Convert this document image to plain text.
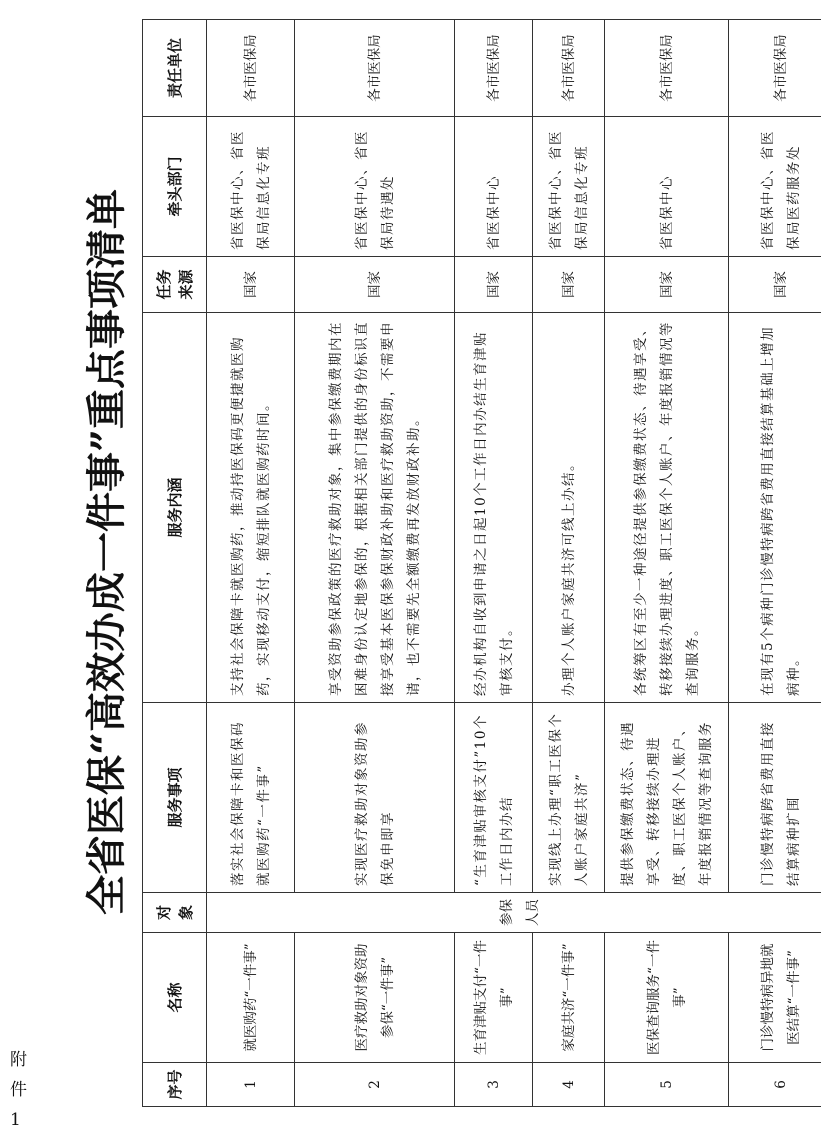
附件 1
全省医保“高效办成一件事”重点事项清单
序号	名称	对象	服务事项	服务内涵	任务来源	牵头部门	责任单位
1	就医购药“一件事”	参保人员	落实社会保障卡和医保码就医购药“一件事”	支持社会保障卡就医购药，推动持医保码更便捷就医购药，实现移动支付，缩短排队就医购药时间。	国家	省医保中心、省医保局信息化专班	各市医保局
2	医疗救助对象资助参保“一件事”		实现医疗救助对象资助参保免申即享	享受资助参保政策的医疗救助对象，集中参保缴费期内在困难身份认定地参保的，根据相关部门提供的身份标识直接享受基本医保参保财政补助和医疗救助资助，不需要申请，也不需要先全额缴费再发放财政补助。	国家	省医保中心、省医保局待遇处	各市医保局
3	生育津贴支付“一件事”		“生育津贴审核支付”10个工作日内办结	经办机构自收到申请之日起10个工作日内办结生育津贴审核支付。	国家	省医保中心	各市医保局
4	家庭共济“一件事”		实现线上办理“职工医保个人账户家庭共济”	办理个人账户家庭共济可线上办结。	国家	省医保中心、省医保局信息化专班	各市医保局
5	医保查询服务“一件事”		提供参保缴费状态、待遇享受、转移接续办理进度、职工医保个人账户、年度报销情况等查询服务	各统筹区有至少一种途径提供参保缴费状态、待遇享受、转移接续办理进度、职工医保个人账户、年度报销情况等查询服务。	国家	省医保中心	各市医保局
6	门诊慢特病异地就医结算“一件事”		门诊慢特病跨省费用直接结算病种扩围	在现有5个病种门诊慢特病跨省费用直接结算基础上增加病种。	国家	省医保中心、省医保局医药服务处	各市医保局
